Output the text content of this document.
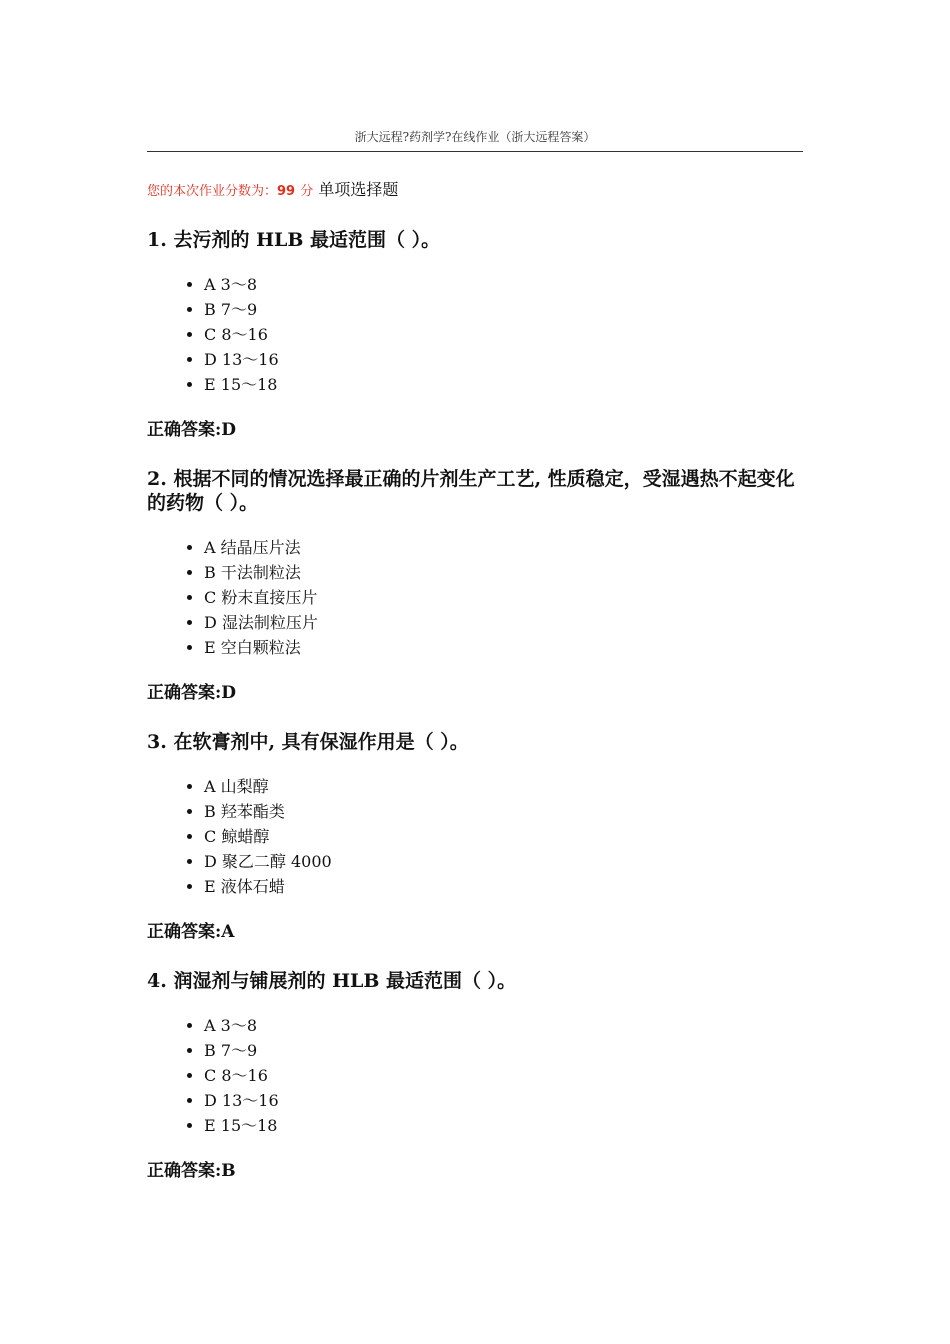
浙大远程?药剂学?在线作业（浙大远程答案）
您的本次作业分数为：99 分 单项选择题

1. 去污剂的 HLB 最适范围（ ）。

• A 3～8
• B 7～9
• C 8～16
• D 13～16
• E 15～18
正确答案:D

2. 根据不同的情况选择最正确的片剂生产工艺, 性质稳定，受湿遇热不起变化的药物（ ）。

• A 结晶压片法
• B 干法制粒法
• C 粉末直接压片
• D 湿法制粒压片
• E 空白颗粒法
正确答案:D

3. 在软膏剂中, 具有保湿作用是（ ）。

• A 山梨醇
• B 羟苯酯类
• C 鲸蜡醇
• D 聚乙二醇 4000
• E 液体石蜡
正确答案:A

4. 润湿剂与铺展剂的 HLB 最适范围（ ）。

• A 3～8
• B 7～9
• C 8～16
• D 13～16
• E 15～18
正确答案:B
